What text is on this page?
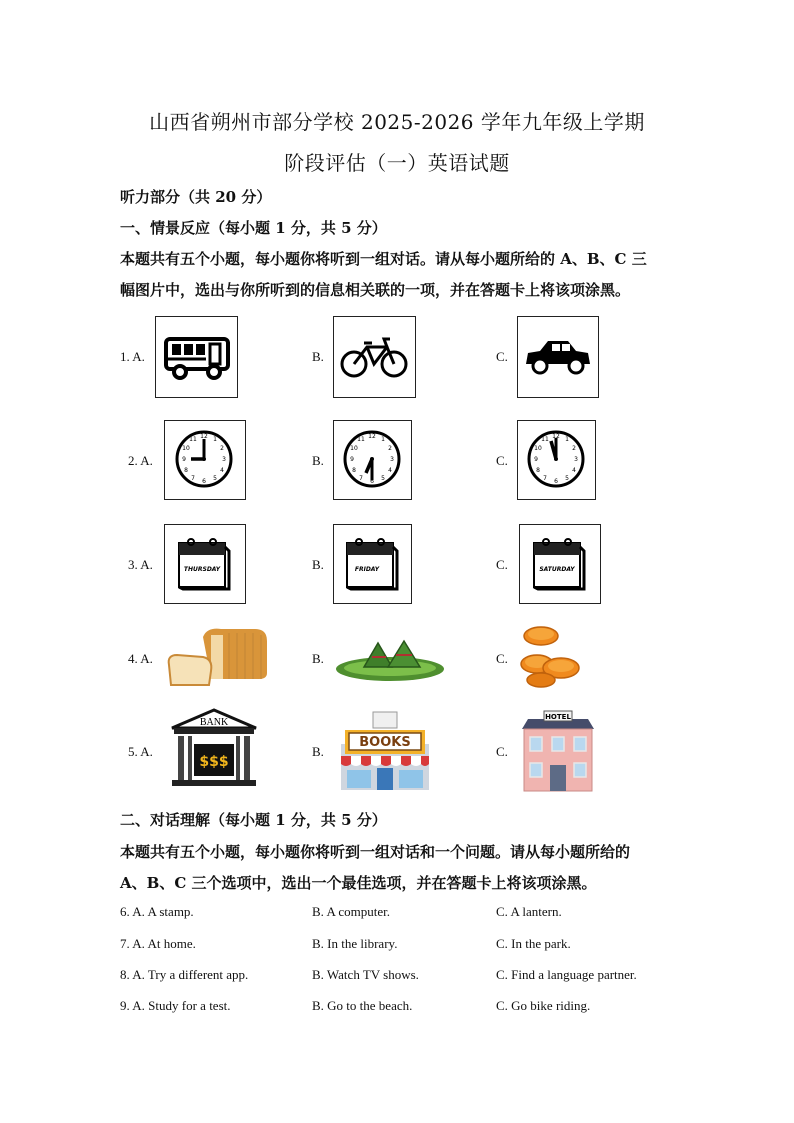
山西省朔州市部分学校 2025-2026 学年九年级上学期
阶段评估（一）英语试题
听力部分（共 20 分）
一、情景反应（每小题 1 分，共 5 分）
本题共有五个小题，每小题你将听到一组对话。请从每小题所给的 A、B、C 三
幅图片中，选出与你所听到的信息相关联的一项，并在答题卡上将该项涂黑。
1. A.	B.	C.
2. A.	B.	C.
12
3
6
9
1
2
4
5
7
8
10
11	12
3
6
9
1
2
4
5
7
8
10
11	12
3
6
9
1
2
4
5
7
8
10
11
3. A.	B.	C.
THURSDAY	FRIDAY	SATURDAY
4. A.	B.	C.
5. A.	B.	C.
BANK
$$$
BOOKS
HOTEL
二、对话理解（每小题 1 分，共 5 分）
本题共有五个小题，每小题你将听到一组对话和一个问题。请从每小题所给的
A、B、C 三个选项中，选出一个最佳选项，并在答题卡上将该项涂黑。
6. A. A stamp.	B. A computer.	C. A lantern.
7. A. At home.	B. In the library.	C. In the park.
8. A. Try a different app.	B. Watch TV shows.	C. Find a language partner.
9. A. Study for a test.	B. Go to the beach.	C. Go bike riding.
